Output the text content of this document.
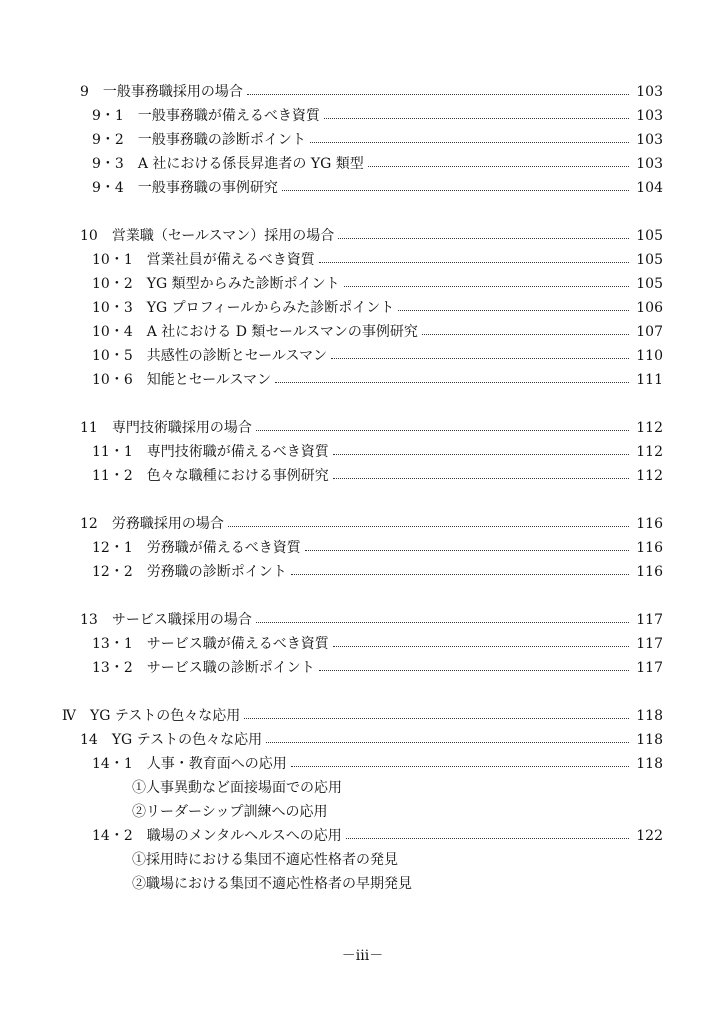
9　一般事務職採用の場合	103
9・1　一般事務職が備えるべき資質	103
9・2　一般事務職の診断ポイント	103
9・3　A 社における係長昇進者の YG 類型	103
9・4　一般事務職の事例研究	104
10　営業職（セールスマン）採用の場合	105
10・1　営業社員が備えるべき資質	105
10・2　YG 類型からみた診断ポイント	105
10・3　YG プロフィールからみた診断ポイント	106
10・4　A 社における D 類セールスマンの事例研究	107
10・5　共感性の診断とセールスマン	110
10・6　知能とセールスマン	111
11　専門技術職採用の場合	112
11・1　専門技術職が備えるべき資質	112
11・2　色々な職種における事例研究	112
12　労務職採用の場合	116
12・1　労務職が備えるべき資質	116
12・2　労務職の診断ポイント	116
13　サービス職採用の場合	117
13・1　サービス職が備えるべき資質	117
13・2　サービス職の診断ポイント	117
Ⅳ　YG テストの色々な応用	118
14　YG テストの色々な応用	118
14・1　人事・教育面への応用	118
①人事異動など面接場面での応用
②リーダーシップ訓練への応用
14・2　職場のメンタルヘルスへの応用	122
①採用時における集団不適応性格者の発見
②職場における集団不適応性格者の早期発見
－iii－
